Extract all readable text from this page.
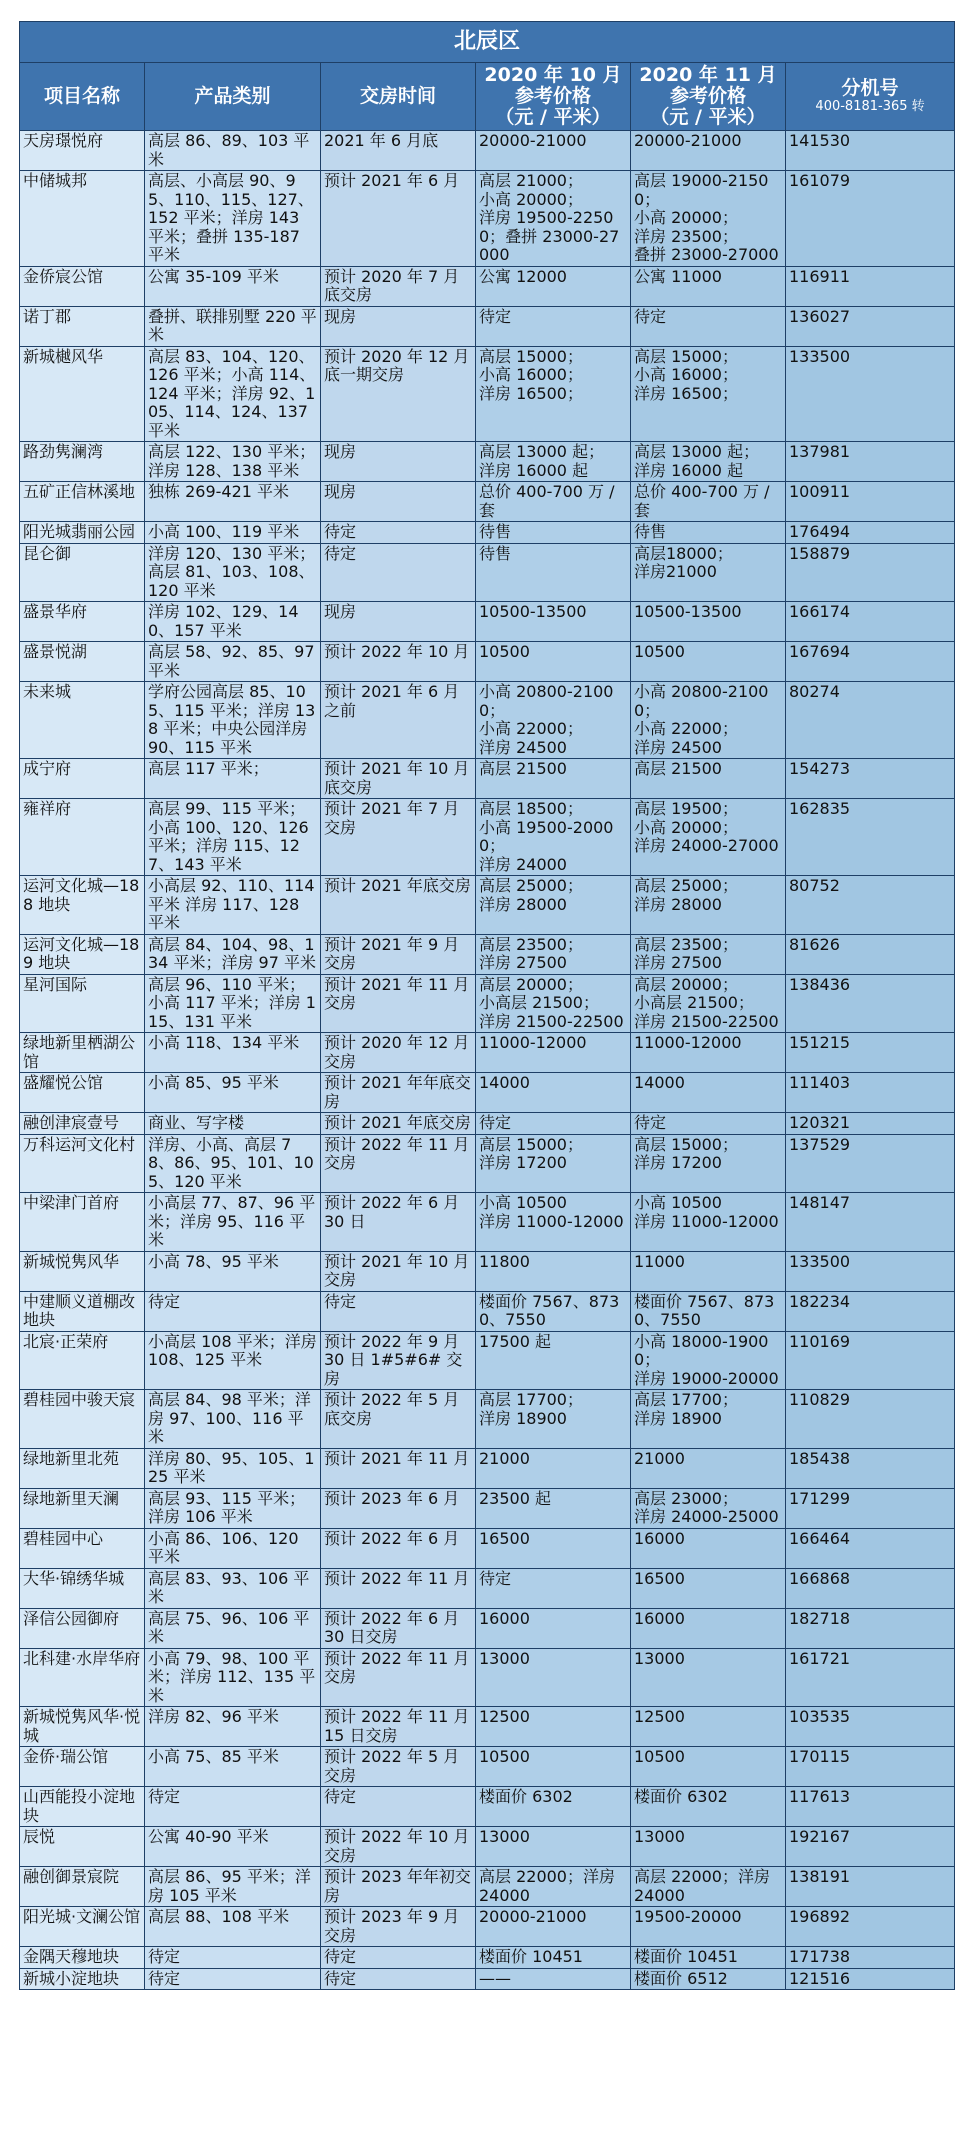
北辰区					

项目名称	产品类别	交房时间	2020 年 10 月
参考价格
（元 / 平米）	2020 年 11 月
参考价格
（元 / 平米）	分机号
400-8181-365 转

天房璟悦府	高层 86、89、103 平米	2021 年 6 月底	20000-21000	20000-21000	141530

中储城邦	高层、小高层 90、95、110、115、127、152 平米；洋房 143 平米；叠拼 135-187 平米	预计 2021 年 6 月	高层 21000；
小高 20000；
洋房 19500-22500；叠拼 23000-27000	高层 19000-21500；
小高 20000；
洋房 23500；
叠拼 23000-27000	161079

金侨宸公馆	公寓 35-109 平米	预计 2020 年 7 月底交房	公寓 12000	公寓 11000	116911

诺丁郡	叠拼、联排别墅 220 平米	现房	待定	待定	136027

新城樾风华	高层 83、104、120、126 平米；小高 114、124 平米；洋房 92、105、114、124、137 平米	预计 2020 年 12 月底一期交房	高层 15000；
小高 16000；
洋房 16500；	高层 15000；
小高 16000；
洋房 16500；	133500

路劲隽澜湾	高层 122、130 平米；洋房 128、138 平米	现房	高层 13000 起；
洋房 16000 起	高层 13000 起；
洋房 16000 起	137981

五矿正信林溪地	独栋 269-421 平米	现房	总价 400-700 万 / 套	总价 400-700 万 / 套	100911

阳光城翡丽公园	小高 100、119 平米	待定	待售	待售	176494

昆仑御	洋房 120、130 平米；高层 81、103、108、120 平米	待定	待售	高层18000；
洋房21000	158879

盛景华府	洋房 102、129、140、157 平米	现房	10500-13500	10500-13500	166174

盛景悦湖	高层 58、92、85、97 平米	预计 2022 年 10 月	10500	10500	167694

未来城	学府公园高层 85、105、115 平米；洋房 138 平米；中央公园洋房 90、115 平米	预计 2021 年 6 月之前	小高 20800-21000；
小高 22000；
洋房 24500	小高 20800-21000；
小高 22000；
洋房 24500	80274

成宁府	高层 117 平米；	预计 2021 年 10 月底交房	高层 21500	高层 21500	154273

雍祥府	高层 99、115 平米；小高 100、120、126 平米；洋房 115、127、143 平米	预计 2021 年 7 月交房	高层 18500；
小高 19500-20000；
洋房 24000	高层 19500；
小高 20000；
洋房 24000-27000	162835

运河文化城—188 地块	小高层 92、110、114 平米 洋房 117、128 平米	预计 2021 年底交房	高层 25000；
洋房 28000	高层 25000；
洋房 28000	80752

运河文化城—189 地块	高层 84、104、98、134 平米；洋房 97 平米	预计 2021 年 9 月交房	高层 23500；
洋房 27500	高层 23500；
洋房 27500	81626

星河国际	高层 96、110 平米；小高 117 平米；洋房 115、131 平米	预计 2021 年 11 月交房	高层 20000；
小高层 21500；
洋房 21500-22500	高层 20000；
小高层 21500；
洋房 21500-22500	138436

绿地新里栖湖公馆	小高 118、134 平米	预计 2020 年 12 月交房	11000-12000	11000-12000	151215

盛耀悦公馆	小高 85、95 平米	预计 2021 年年底交房	14000	14000	111403

融创津宸壹号	商业、写字楼	预计 2021 年底交房	待定	待定	120321

万科运河文化村	洋房、小高、高层 78、86、95、101、105、120 平米	预计 2022 年 11 月交房	高层 15000；
洋房 17200	高层 15000；
洋房 17200	137529

中梁津门首府	小高层 77、87、96 平米；洋房 95、116 平米	预计 2022 年 6 月 30 日	小高 10500
洋房 11000-12000	小高 10500
洋房 11000-12000	148147

新城悦隽风华	小高 78、95 平米	预计 2021 年 10 月交房	11800	11000	133500

中建顺义道棚改地块	待定	待定	楼面价 7567、8730、7550	楼面价 7567、8730、7550	182234

北宸·正荣府	小高层 108 平米；洋房 108、125 平米	预计 2022 年 9 月 30 日 1#5#6# 交房	17500 起	小高 18000-19000；
洋房 19000-20000	110169

碧桂园中骏天宸	高层 84、98 平米；洋房 97、100、116 平米	预计 2022 年 5 月底交房	高层 17700；
洋房 18900	高层 17700；
洋房 18900	110829

绿地新里北苑	洋房 80、95、105、125 平米	预计 2021 年 11 月	21000	21000	185438

绿地新里天澜	高层 93、115 平米；洋房 106 平米	预计 2023 年 6 月	23500 起	高层 23000；
洋房 24000-25000	171299

碧桂园中心	小高 86、106、120 平米	预计 2022 年 6 月	16500	16000	166464

大华·锦绣华城	高层 83、93、106 平米	预计 2022 年 11 月	待定	16500	166868

泽信公园御府	高层 75、96、106 平米	预计 2022 年 6 月 30 日交房	16000	16000	182718

北科建·水岸华府	小高 79、98、100 平米；洋房 112、135 平米	预计 2022 年 11 月交房	13000	13000	161721

新城悦隽风华·悦城	洋房 82、96 平米	预计 2022 年 11 月 15 日交房	12500	12500	103535

金侨·瑞公馆	小高 75、85 平米	预计 2022 年 5 月交房	10500	10500	170115

山西能投小淀地块	待定	待定	楼面价 6302	楼面价 6302	117613

辰悦	公寓 40-90 平米	预计 2022 年 10 月交房	13000	13000	192167

融创御景宸院	高层 86、95 平米；洋房 105 平米	预计 2023 年年初交房	高层 22000；洋房 24000	高层 22000；洋房 24000	138191

阳光城·文澜公馆	高层 88、108 平米	预计 2023 年 9 月交房	20000-21000	19500-20000	196892

金隅天穆地块	待定	待定	楼面价 10451	楼面价 10451	171738

新城小淀地块	待定	待定	——	楼面价 6512	121516
